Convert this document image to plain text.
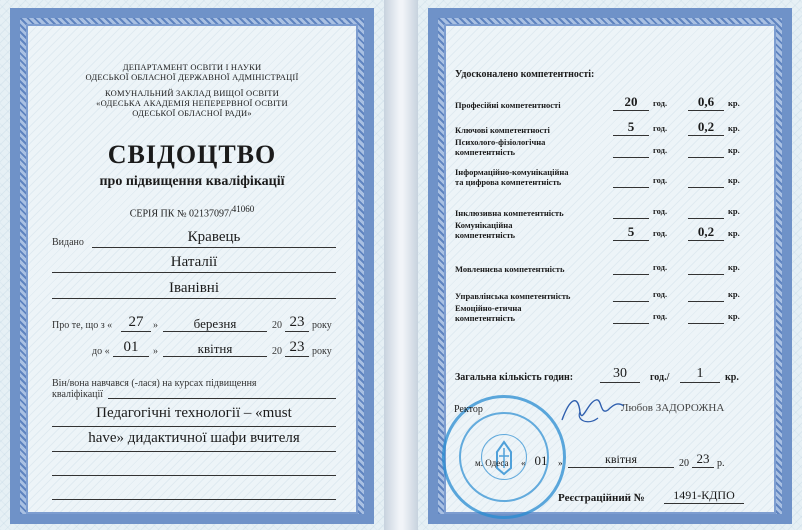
ДЕПАРТАМЕНТ ОСВІТИ І НАУКИ
ОДЕСЬКОЇ ОБЛАСНОЇ ДЕРЖАВНОЇ АДМІНІСТРАЦІЇ
КОМУНАЛЬНИЙ ЗАКЛАД ВИЩОЇ ОСВІТИ
«ОДЕСЬКА АКАДЕМІЯ НЕПЕРЕРВНОЇ ОСВІТИ
ОДЕСЬКОЇ ОБЛАСНОЇ РАДИ»
СВІДОЦТВО
про підвищення кваліфікації
СЕРІЯ ПК № 02137097/$^{41060}$
Видано	Кравець
Наталії
Іванівні
Про те, що з «	27 »	березня	20 23 року
до « 01	»	квітня	20 23 року
Він/вона навчався (-лася) на курсах підвищення
кваліфікації
Педагогічні технології – «must
have» дидактичної шафи вчителя
Удосконалено компетентності:
Професійні компетентності	20	год.	0,6	кр.
Ключові компетентності	5	год.	0,2	кр.
Психолого-фізіологічна
компетентність	год.	кр.
Інформаційно-комунікаційна
та цифрова компетентність	год.	кр.
Інклюзивна компетентність	год.	кр.
Комунікаційна
компетентність	5	год.	0,2	кр.
Мовленнєва компетентність	год.	кр.
Управлінська компетентність	год.	кр.
Емоційно-етична
компетентність	год.	кр.
Загальна кількість годин:	30	год./	1	кр.
Ректор	Любов ЗАДОРОЖНА
м. Одеса « 01	»	квітня	20 23 р.
Реєстраційний №	1491-КДПО
